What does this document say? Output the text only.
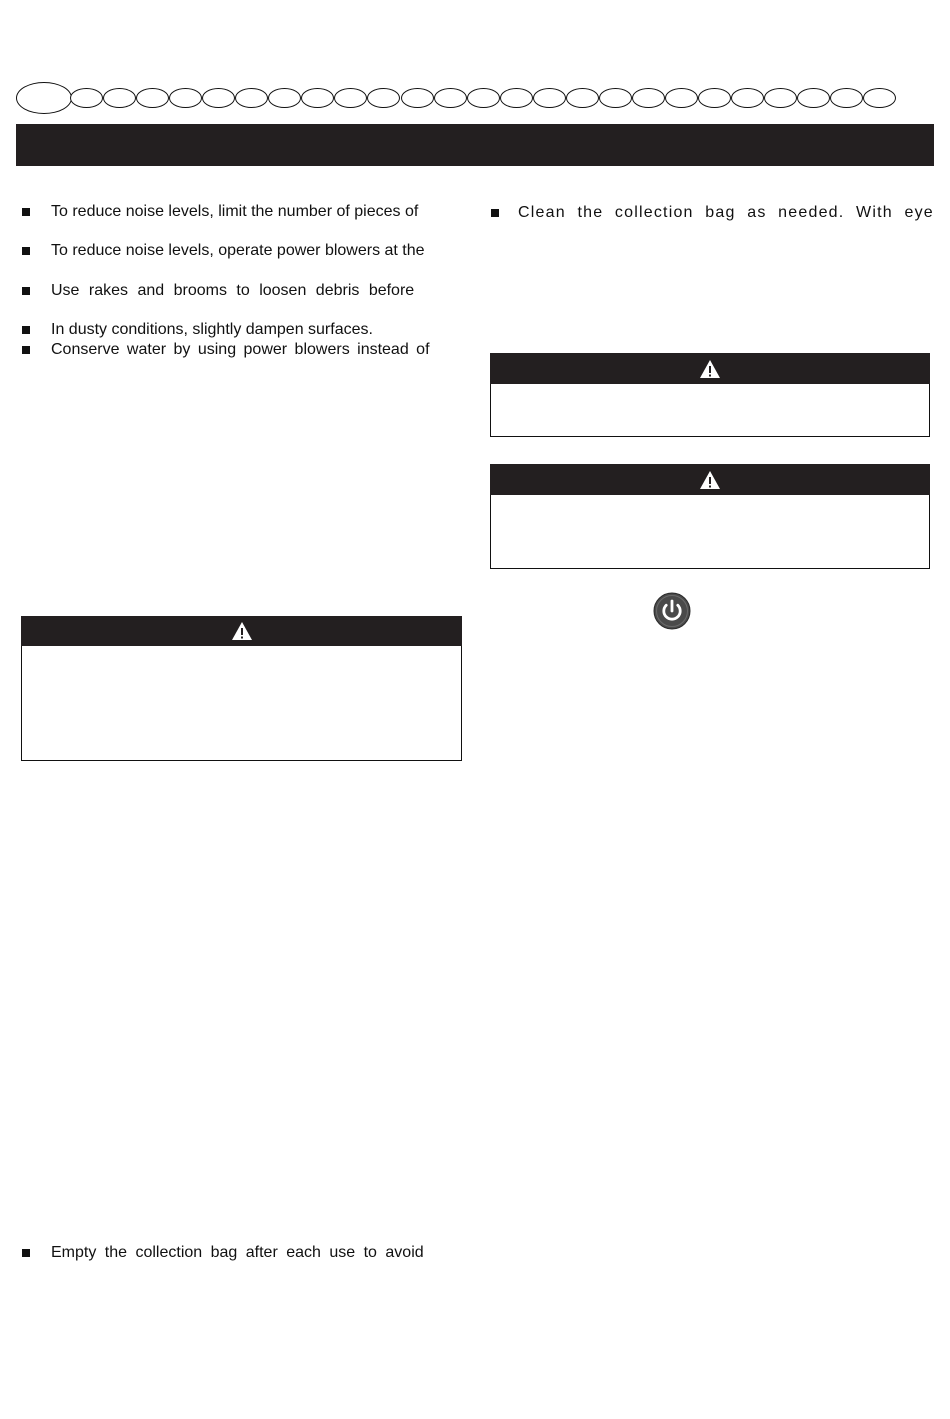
To reduce noise levels, limit the number of pieces of
To reduce noise levels, operate power blowers at the
Use rakes and brooms to loosen debris before
In dusty conditions, slightly dampen surfaces.
Conserve water by using power blowers instead of
Empty the collection bag after each use to avoid
Clean the collection bag as needed. With eye
